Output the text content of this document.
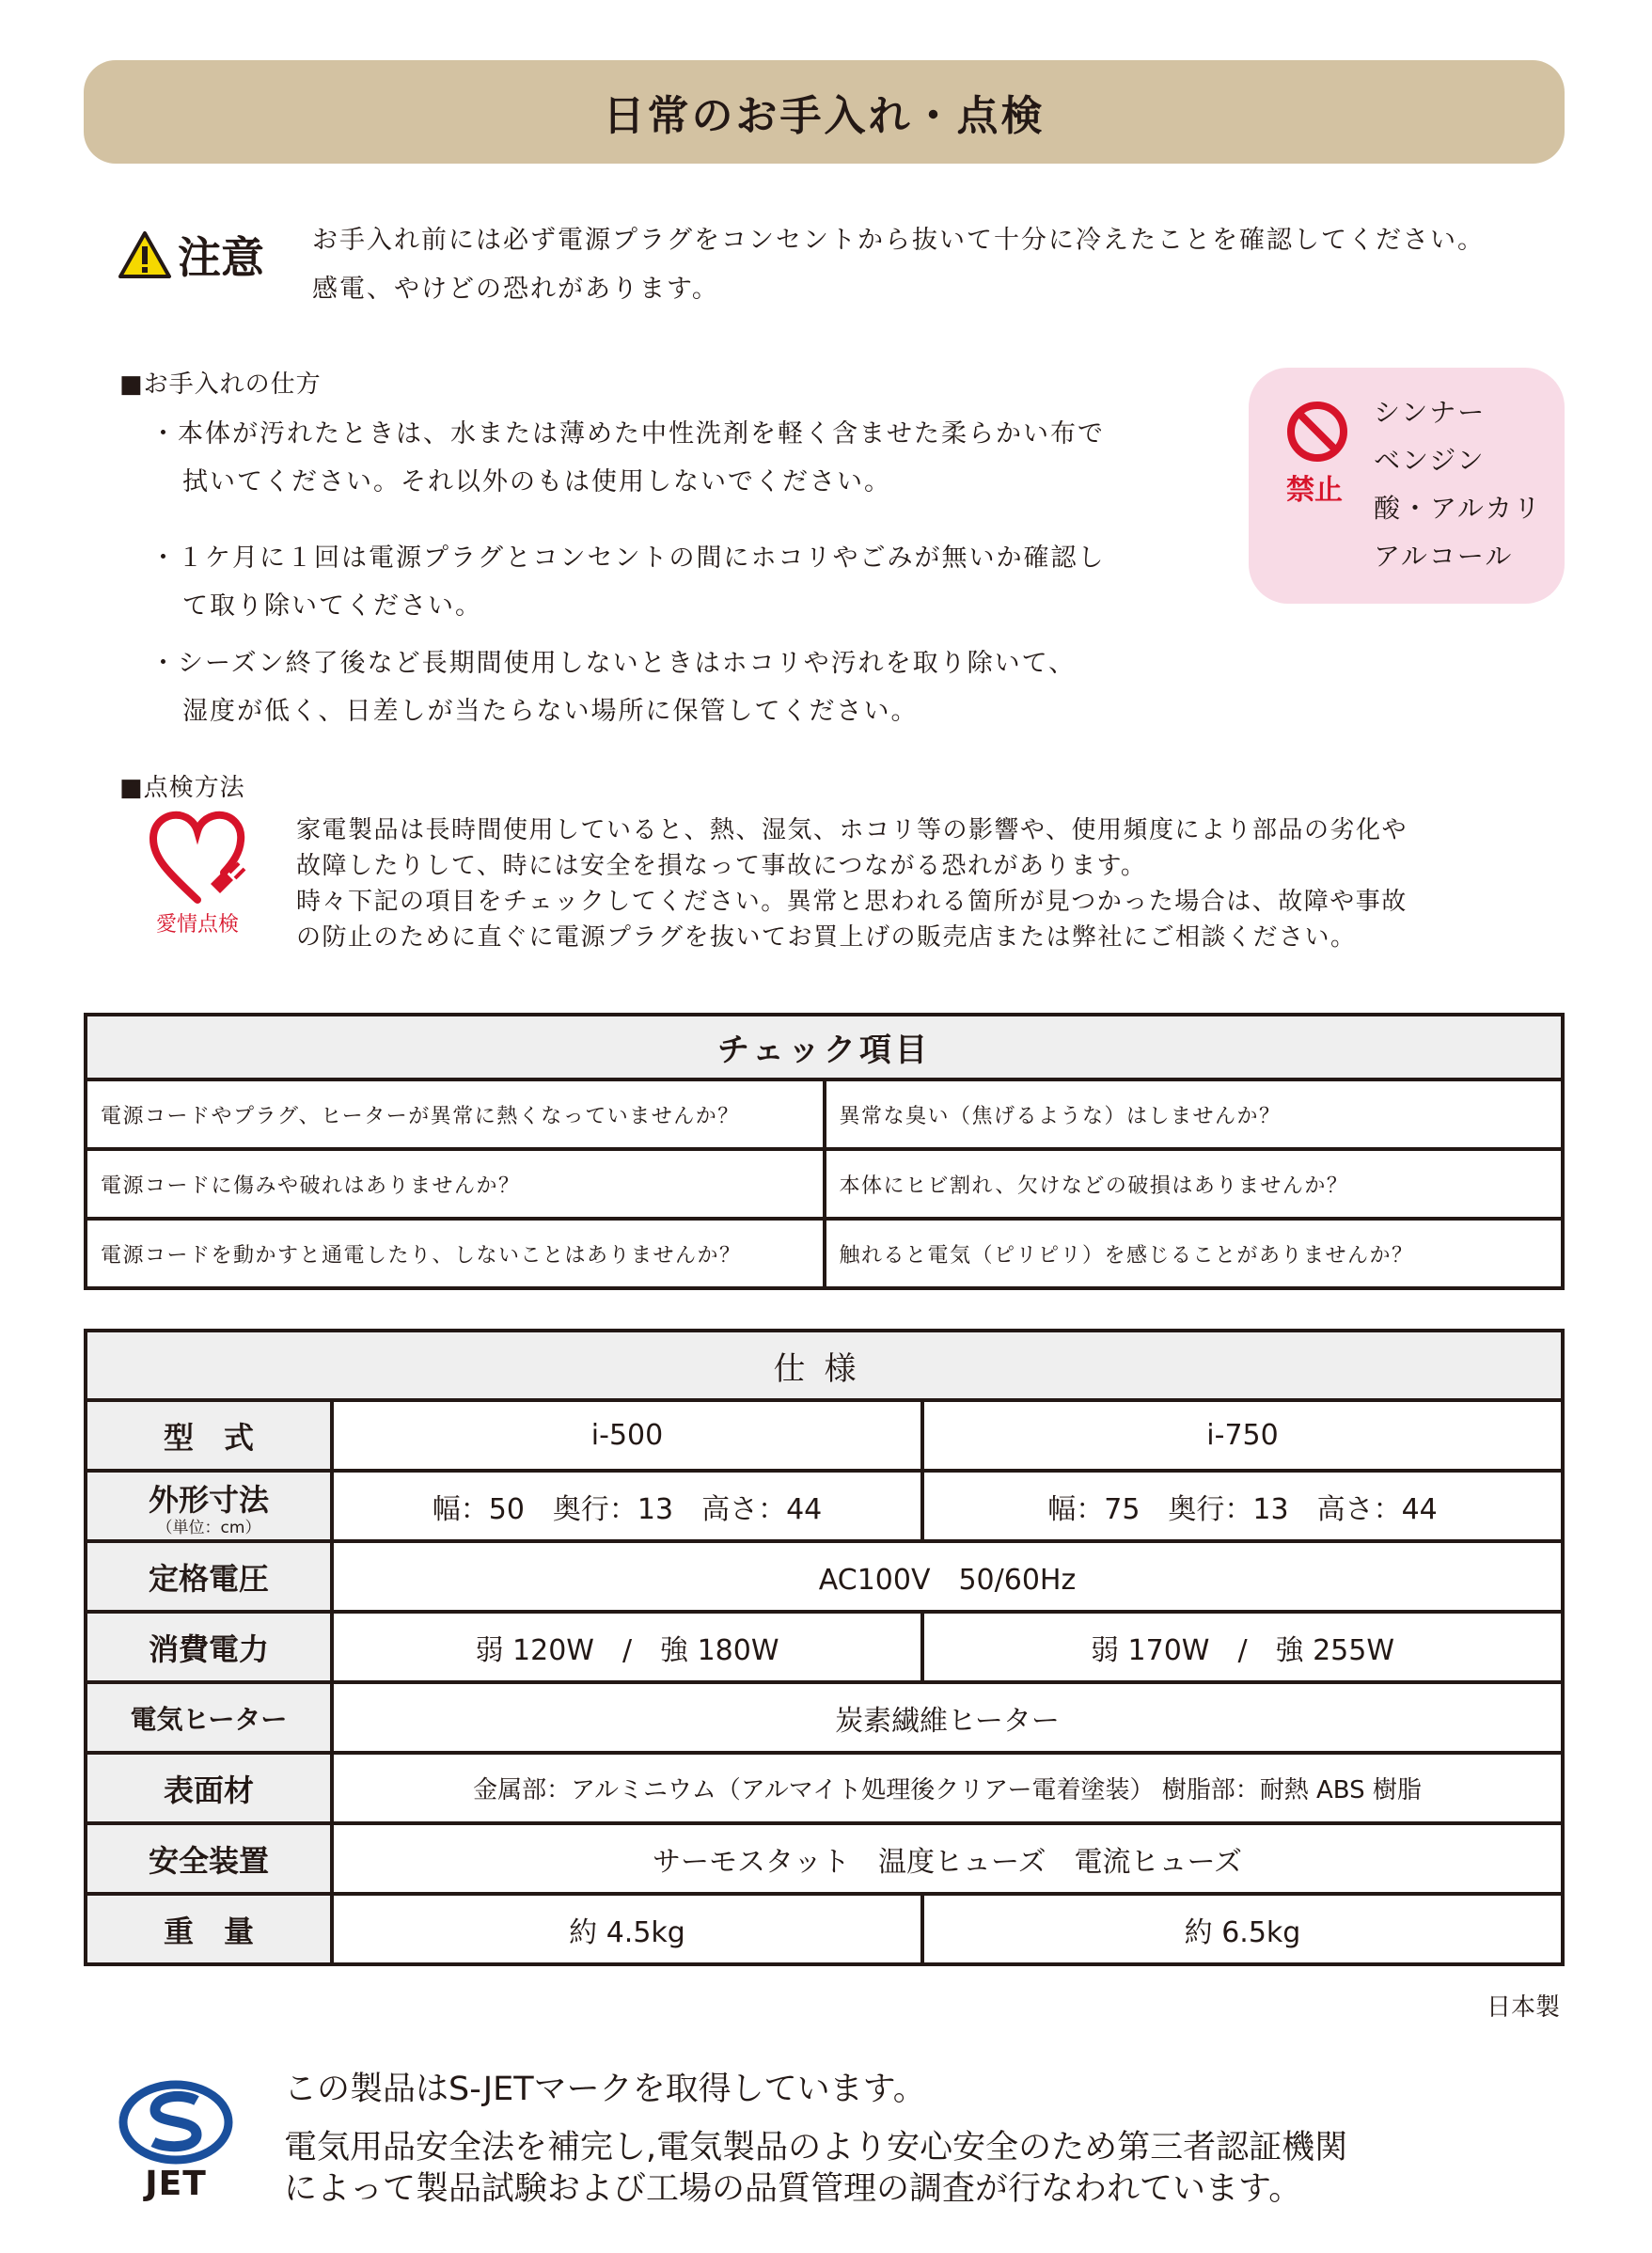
日常のお手入れ・点検
注意 お手入れ前には必ず電源プラグをコンセントから抜いて十分に冷えたことを確認してください。
感電、やけどの恐れがあります。
■お手入れの仕方
・本体が汚れたときは、水または薄めた中性洗剤を軽く含ませた柔らかい布で
拭いてください。それ以外のもは使用しないでください。
・１ケ月に１回は電源プラグとコンセントの間にホコリやごみが無いか確認し
て取り除いてください。
・シーズン終了後など長期間使用しないときはホコリや汚れを取り除いて、
湿度が低く、日差しが当たらない場所に保管してください。
禁止
シンナー
ベンジン
酸・アルカリ
アルコール
■点検方法
愛情点検
家電製品は長時間使用していると、熱、湿気、ホコリ等の影響や、使用頻度により部品の劣化や
故障したりして、時には安全を損なって事故につながる恐れがあります。
時々下記の項目をチェックしてください。異常と思われる箇所が見つかった場合は、故障や事故
の防止のために直ぐに電源プラグを抜いてお買上げの販売店または弊社にご相談ください。
チェック項目	
電源コードやプラグ、ヒーターが異常に熱くなっていませんか？	異常な臭い（焦げるような）はしませんか？
電源コードに傷みや破れはありませんか？	本体にヒビ割れ、欠けなどの破損はありませんか？
電源コードを動かすと通電したり、しないことはありませんか？	触れると電気（ピリピリ）を感じることがありませんか？
仕様		
型　式	i-500	i-750
外形寸法
（単位：cm）	幅：50　奥行：13　高さ：44	幅：75　奥行：13　高さ：44
定格電圧	AC100V　50/60Hz	
消費電力	弱 120W　/　強 180W	弱 170W　/　強 255W
電気ヒーター	炭素繊維ヒーター	
表面材	金属部：アルミニウム（アルマイト処理後クリアー電着塗装） 樹脂部：耐熱 ABS 樹脂	
安全装置	サーモスタット　温度ヒューズ　電流ヒューズ	
重　量	約 4.5kg	約 6.5kg
日本製
JET
この製品はS-JETマークを取得しています。
電気用品安全法を補完し,電気製品のより安心安全のため第三者認証機関
によって製品試験および工場の品質管理の調査が行なわれています。
